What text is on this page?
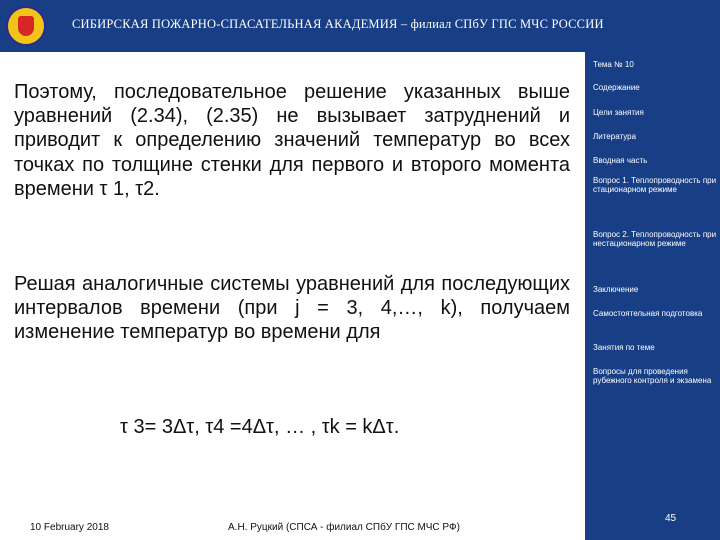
СИБИРСКАЯ ПОЖАРНО-СПАСАТЕЛЬНАЯ АКАДЕМИЯ – филиал СПбУ ГПС МЧС РОССИИ
Поэтому, последовательное решение указанных выше уравнений (2.34), (2.35) не вызывает затруднений и приводит к определению значений температур во всех точках по толщине стенки для первого и второго момента времени τ 1, τ2.
Решая аналогичные системы уравнений для последующих интервалов времени (при j = 3, 4,…, k), получаем изменение температур во времени для
τ 3= 3Δτ, τ4 =4Δτ, … , τk = kΔτ.
Тема № 10
Содержание
Цели занятия
Литература
Вводная часть
Вопрос 1. Теплопроводность при стационарном режиме
Вопрос 2. Теплопроводность при нестационарном режиме
Заключение
Самостоятельная подготовка
Занятия по теме
Вопросы для проведения рубежного контроля и экзамена
10 February 2018	А.Н. Руцкий (СПСА - филиал СПбУ ГПС МЧС РФ)
45
